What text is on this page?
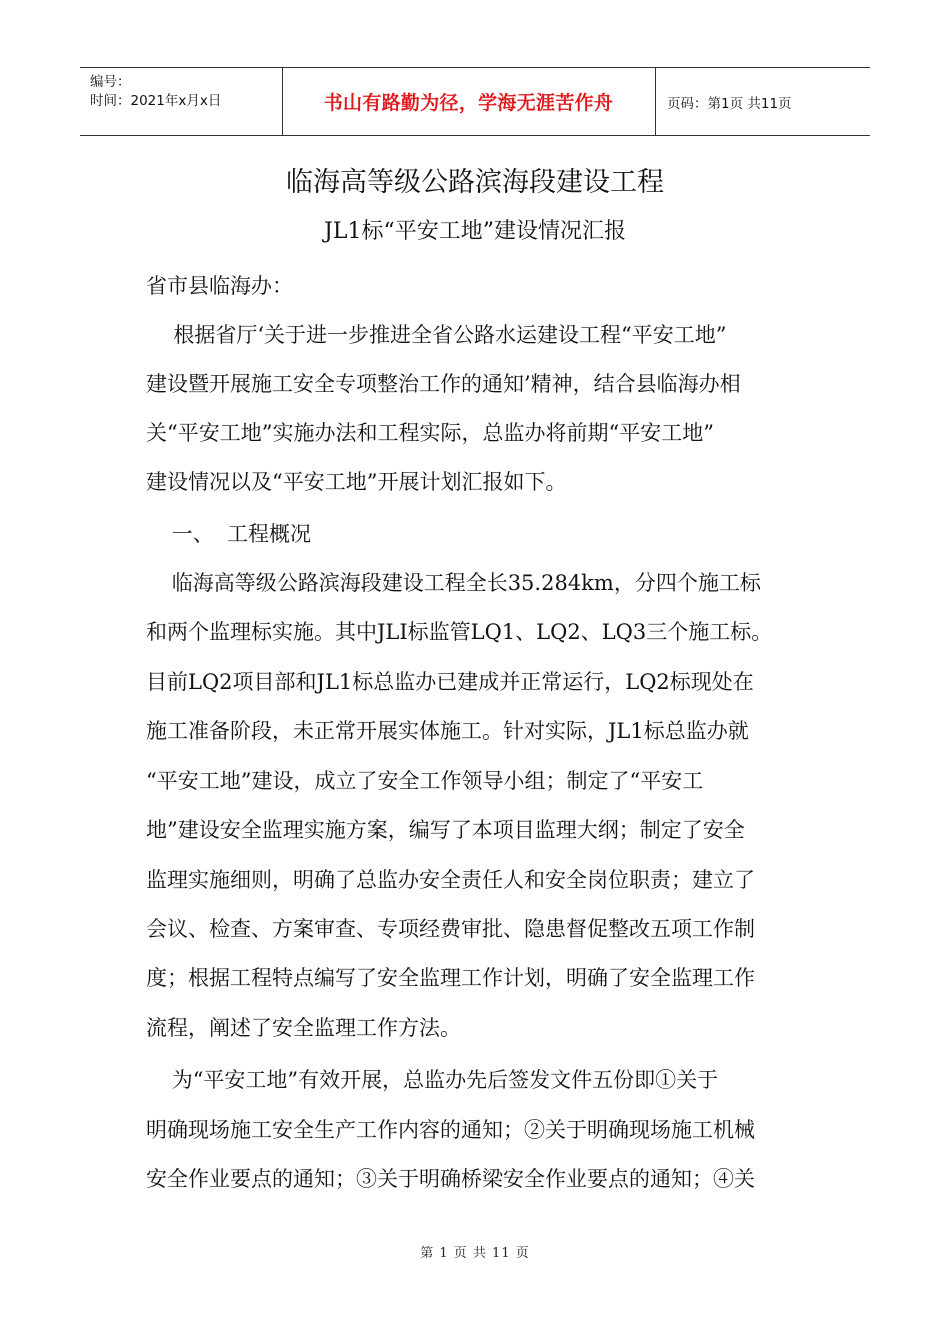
编号：
时间：2021年x月x日	书山有路勤为径，学海无涯苦作舟	页码：第1页 共11页
临海高等级公路滨海段建设工程
JL1标“平安工地”建设情况汇报
省市县临海办：
根据省厅‘关于进一步推进全省公路水运建设工程“平安工地”
建设暨开展施工安全专项整治工作的通知’精神，结合县临海办相
关“平安工地”实施办法和工程实际，总监办将前期“平安工地”
建设情况以及“平安工地”开展计划汇报如下。
一、  工程概况
临海高等级公路滨海段建设工程全长35.284km，分四个施工标
和两个监理标实施。其中JLI标监管LQ1、LQ2、LQ3三个施工标。
目前LQ2项目部和JL1标总监办已建成并正常运行，LQ2标现处在
施工准备阶段，未正常开展实体施工。针对实际，JL1标总监办就
“平安工地”建设，成立了安全工作领导小组；制定了“平安工
地”建设安全监理实施方案，编写了本项目监理大纲；制定了安全
监理实施细则，明确了总监办安全责任人和安全岗位职责；建立了
会议、检查、方案审查、专项经费审批、隐患督促整改五项工作制
度；根据工程特点编写了安全监理工作计划，明确了安全监理工作
流程，阐述了安全监理工作方法。
为“平安工地”有效开展，总监办先后签发文件五份即①关于
明确现场施工安全生产工作内容的通知；②关于明确现场施工机械
安全作业要点的通知；③关于明确桥梁安全作业要点的通知；④关
第 1 页 共 11 页
